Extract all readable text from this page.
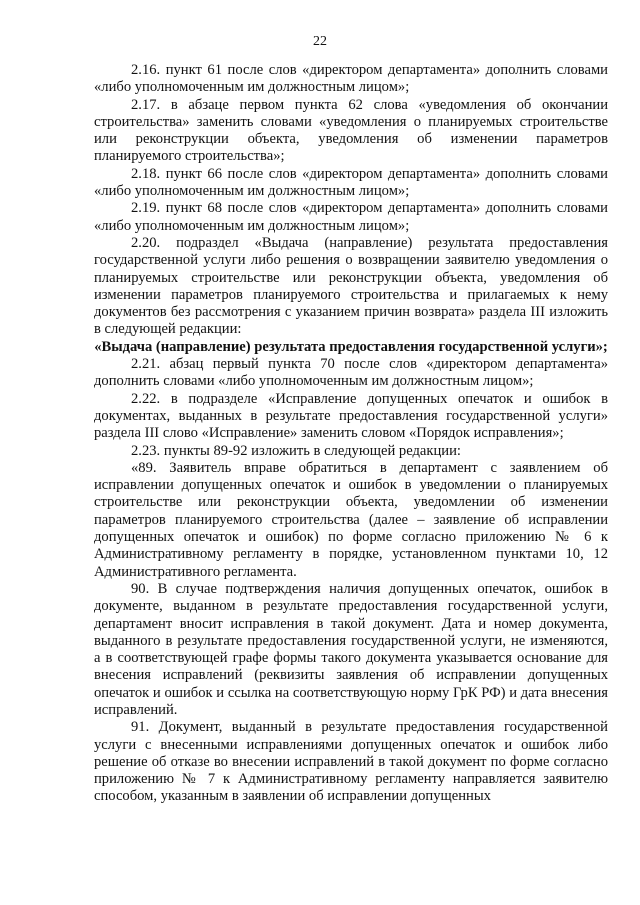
22

2.16. пункт 61 после слов «директором департамента» дополнить словами «либо уполномоченным им должностным лицом»;

2.17. в абзаце первом пункта 62 слова «уведомления об окончании строительства» заменить словами «уведомления о планируемых строительстве или реконструкции объекта, уведомления об изменении параметров планируемого строительства»;

2.18. пункт 66 после слов «директором департамента» дополнить словами «либо уполномоченным им должностным лицом»;

2.19. пункт 68 после слов «директором департамента» дополнить словами «либо уполномоченным им должностным лицом»;

2.20. подраздел «Выдача (направление) результата предоставления государственной услуги либо решения о возвращении заявителю уведомления о планируемых строительстве или реконструкции объекта, уведомления об изменении параметров планируемого строительства и прилагаемых к нему документов без рассмотрения с указанием причин возврата» раздела III изложить в следующей редакции:

«Выдача (направление) результата предоставления государственной услуги»;

2.21. абзац первый пункта 70 после слов «директором департамента» дополнить словами «либо уполномоченным им должностным лицом»;

2.22. в подразделе «Исправление допущенных опечаток и ошибок в документах, выданных в результате предоставления государственной услуги» раздела III слово «Исправление» заменить словом «Порядок исправления»;

2.23. пункты 89-92 изложить в следующей редакции:

«89. Заявитель вправе обратиться в департамент с заявлением об исправлении допущенных опечаток и ошибок в уведомлении о планируемых строительстве или реконструкции объекта, уведомлении об изменении параметров планируемого строительства (далее – заявление об исправлении допущенных опечаток и ошибок) по форме согласно приложению № 6 к Административному регламенту в порядке, установленном пунктами 10, 12 Административного регламента.

90. В случае подтверждения наличия допущенных опечаток, ошибок в документе, выданном в результате предоставления государственной услуги, департамент вносит исправления в такой документ. Дата и номер документа, выданного в результате предоставления государственной услуги, не изменяются, а в соответствующей графе формы такого документа указывается основание для внесения исправлений (реквизиты заявления об исправлении допущенных опечаток и ошибок и ссылка на соответствующую норму ГрК РФ) и дата внесения исправлений.

91. Документ, выданный в результате предоставления государственной услуги с внесенными исправлениями допущенных опечаток и ошибок либо решение об отказе во внесении исправлений в такой документ по форме согласно приложению № 7 к Административному регламенту направляется заявителю способом, указанным в заявлении об исправлении допущенных
